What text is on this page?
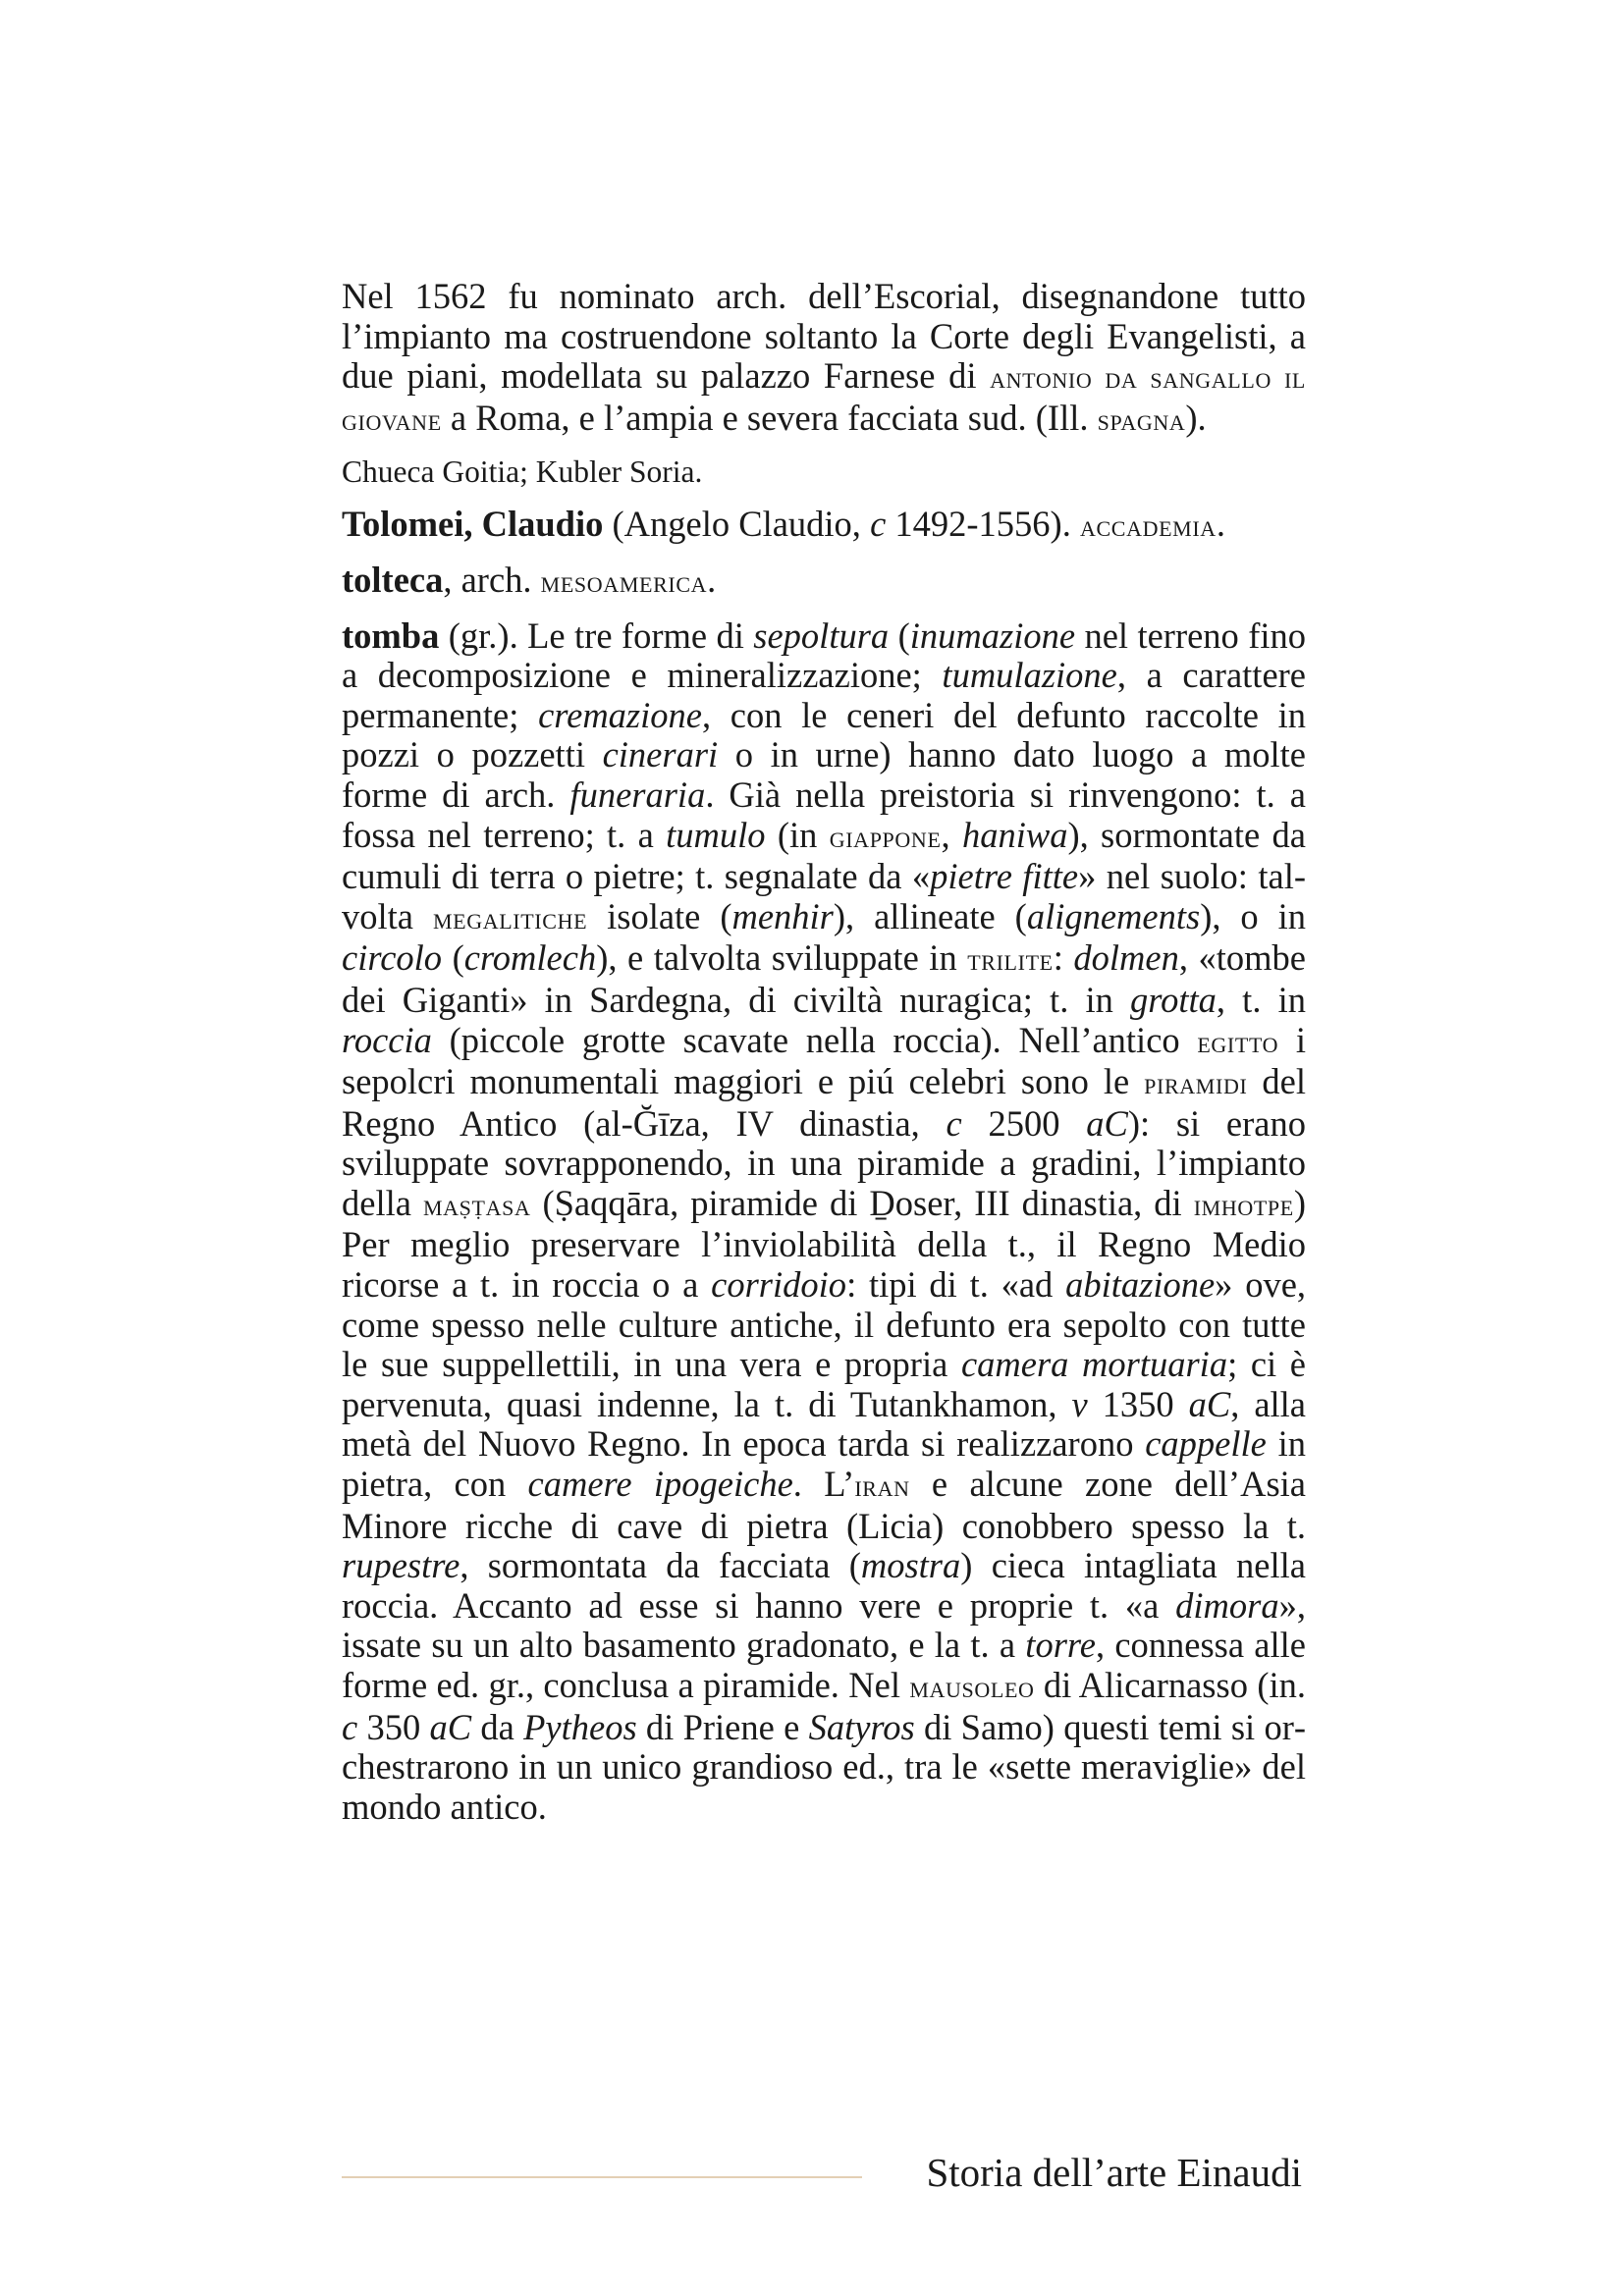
Nel 1562 fu nominato arch. dell’Escorial, disegnandone tutto l’impianto ma costruendone soltanto la Corte degli Evangelisti, a due piani, modellata su palazzo Farnese di antonio da sangallo il giovane a Roma, e l’ampia e severa facciata sud. (Ill. spagna).

Chueca Goitia; Kubler Soria.

Tolomei, Claudio (Angelo Claudio, c 1492-1556). accademia.

tolteca, arch. mesoamerica.

tomba (gr.). Le tre forme di sepoltura (inumazione nel terreno fino a decomposizione e mineralizzazione; tumulazione, a carattere permanente; cremazione, con le ceneri del defunto raccolte in pozzi o pozzetti cinerari o in urne) hanno dato luogo a molte forme di arch. funeraria. Già nella preistoria si rinvengono: t. a fossa nel terreno; t. a tumulo (in giappone, haniwa), sormontate da cumuli di terra o pietre; t. segnalate da «pietre fitte» nel suolo: talvolta megalitiche isolate (menhir), allineate (alignements), o in circolo (cromlech), e talvolta sviluppate in trilite: dolmen, «tombe dei Giganti» in Sardegna, di civiltà nuragica; t. in grotta, t. in roccia (piccole grotte scavate nella roccia). Nell’antico egitto i sepolcri monumentali maggiori e piú celebri sono le piramidi del Regno Antico (al-Ğīza, IV dinastia, c 2500 aC): si erano sviluppate sovrapponendo, in una piramide a gradini, l’impianto della maṣṭasa (Ṣaqqāra, piramide di Ḏoser, III dinastia, di imhotpe) Per meglio preservare l’inviolabilità della t., il Regno Medio ricorse a t. in roccia o a corridoio: tipi di t. «ad abitazione» ove, come spesso nelle culture antiche, il defunto era sepolto con tutte le sue suppellettili, in una vera e propria camera mortuaria; ci è pervenuta, quasi indenne, la t. di Tutankhamon, v 1350 aC, alla metà del Nuovo Regno. In epoca tarda si realizzarono cappelle in pietra, con camere ipogeiche. L’iran e alcune zone dell’Asia Minore ricche di cave di pietra (Licia) conobbero spesso la t. rupestre, sormontata da facciata (mostra) cieca intagliata nella roccia. Accanto ad esse si hanno vere e proprie t. «a dimora», issate su un alto basamento gradonato, e la t. a torre, connessa alle forme ed. gr., conclusa a piramide. Nel mausoleo di Alicarnasso (in. c 350 aC da Pytheos di Priene e Satyros di Samo) questi temi si orchestrarono in un unico grandioso ed., tra le «sette meraviglie» del mondo antico.

Storia dell’arte Einaudi
